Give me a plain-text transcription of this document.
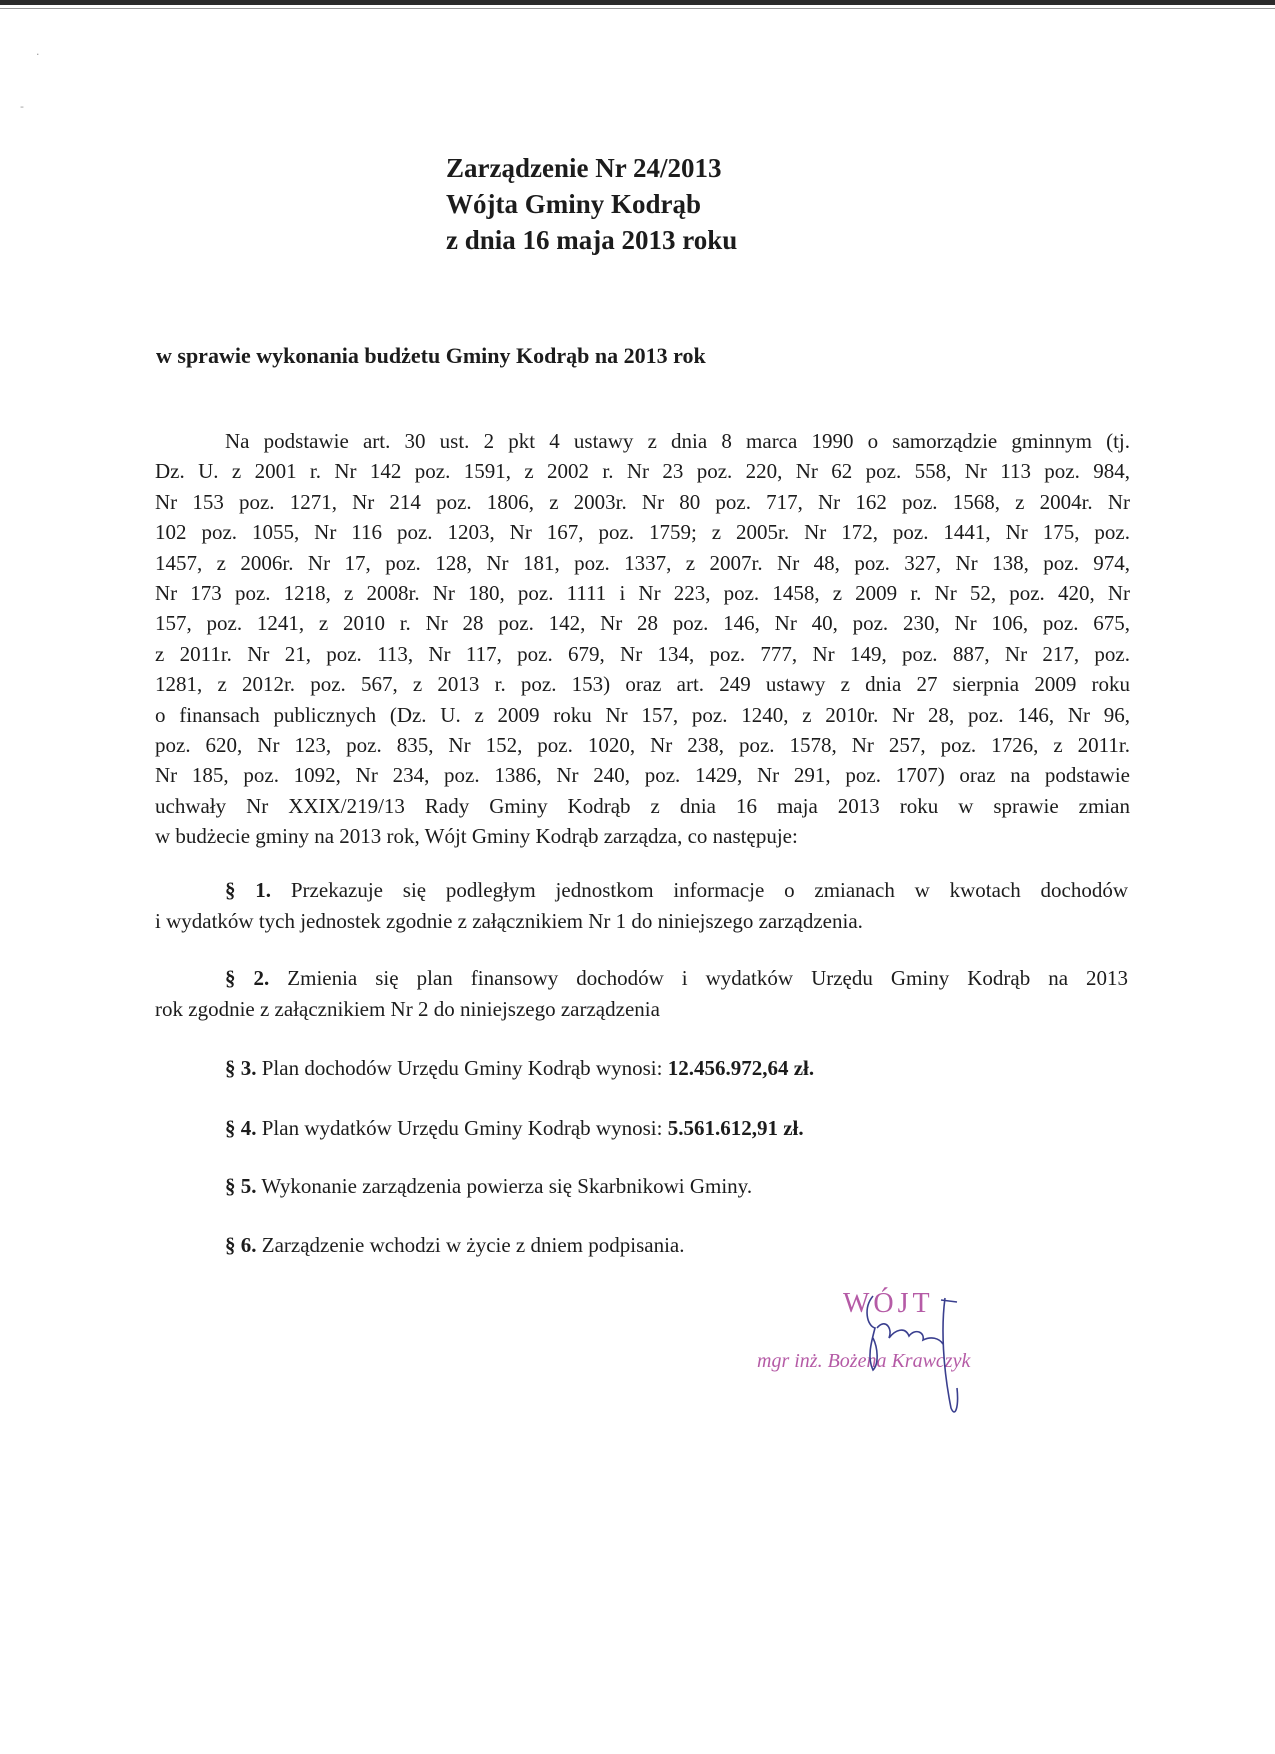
·
-
Zarządzenie Nr 24/2013
Wójta Gminy Kodrąb
z dnia 16 maja 2013 roku
w sprawie wykonania budżetu Gminy Kodrąb na 2013 rok
Na podstawie art. 30 ust. 2 pkt 4 ustawy z dnia 8 marca 1990 o samorządzie gminnym (tj.
Dz. U. z 2001 r. Nr 142 poz. 1591, z 2002 r. Nr 23 poz. 220, Nr 62 poz. 558, Nr 113 poz. 984,
Nr 153 poz. 1271, Nr 214 poz. 1806, z 2003r. Nr 80 poz. 717, Nr 162 poz. 1568, z 2004r. Nr
102 poz. 1055, Nr 116 poz. 1203, Nr 167, poz. 1759; z 2005r. Nr 172, poz. 1441, Nr 175, poz.
1457, z 2006r. Nr 17, poz. 128, Nr 181, poz. 1337, z 2007r. Nr 48, poz. 327, Nr 138, poz. 974,
Nr 173 poz. 1218, z 2008r. Nr 180, poz. 1111 i Nr 223, poz. 1458, z 2009 r. Nr 52, poz. 420, Nr
157, poz. 1241, z 2010 r. Nr 28 poz. 142, Nr 28 poz. 146, Nr 40, poz. 230, Nr 106, poz. 675,
z 2011r. Nr 21, poz. 113, Nr 117, poz. 679, Nr 134, poz. 777, Nr 149, poz. 887, Nr 217, poz.
1281, z 2012r. poz. 567, z 2013 r. poz. 153) oraz art. 249 ustawy z dnia 27 sierpnia 2009 roku
o finansach publicznych (Dz. U. z 2009 roku Nr 157, poz. 1240, z 2010r. Nr 28, poz. 146, Nr 96,
poz. 620, Nr 123, poz. 835, Nr 152, poz. 1020, Nr 238, poz. 1578, Nr 257, poz. 1726, z 2011r.
Nr 185, poz. 1092, Nr 234, poz. 1386, Nr 240, poz. 1429, Nr 291, poz. 1707) oraz na podstawie
uchwały Nr XXIX/219/13 Rady Gminy Kodrąb z dnia 16 maja 2013 roku w sprawie zmian
w budżecie gminy na 2013 rok, Wójt Gminy Kodrąb zarządza, co następuje:
§ 1. Przekazuje się podległym jednostkom informacje o zmianach w kwotach dochodów
i wydatków tych jednostek zgodnie z załącznikiem Nr 1 do niniejszego zarządzenia.
§ 2. Zmienia się plan finansowy dochodów i wydatków Urzędu Gminy Kodrąb na 2013
rok zgodnie z załącznikiem Nr 2 do niniejszego zarządzenia
§ 3. Plan dochodów Urzędu Gminy Kodrąb wynosi: 12.456.972,64 zł.
§ 4. Plan wydatków Urzędu Gminy Kodrąb wynosi: 5.561.612,91 zł.
§ 5. Wykonanie zarządzenia powierza się Skarbnikowi Gminy.
§ 6. Zarządzenie wchodzi w życie z dniem podpisania.
WÓJT
mgr inż. Bożena Krawczyk
